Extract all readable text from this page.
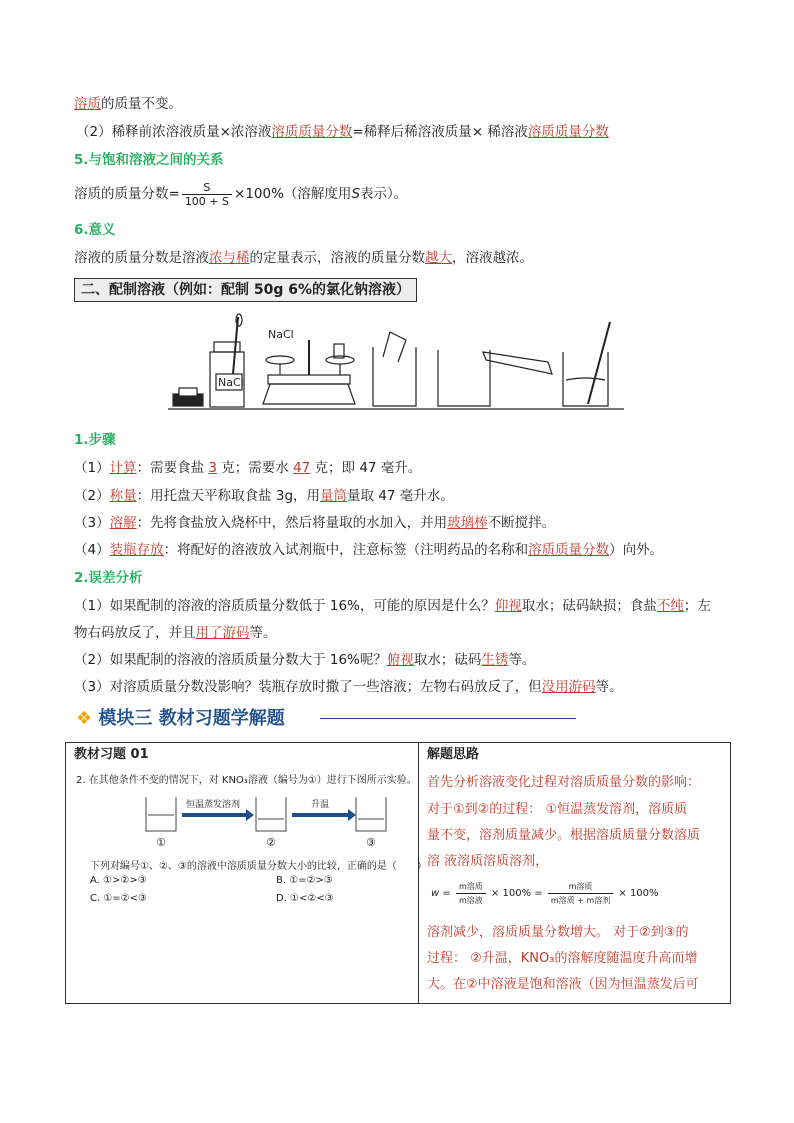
溶质的质量不变。
（2）稀释前浓溶液质量×浓溶液溶质质量分数=稀释后稀溶液质量× 稀溶液溶质质量分数
5.与饱和溶液之间的关系
溶质的质量分数= $\frac{S}{100 + S} \times 100\%$（溶解度用S表示）。
6.意义
溶液的质量分数是溶液浓与稀的定量表示，溶液的质量分数越大，溶液越浓。
二、配制溶液（例如：配制 50g 6%的氯化钠溶液）
NaCl
NaCl
1.步骤
（1）计算：需要食盐 3 克；需要水 47 克；即 47 毫升。
（2）称量：用托盘天平称取食盐 3g，用量筒量取 47 毫升水。
（3）溶解：先将食盐放入烧杯中，然后将量取的水加入，并用玻璃棒不断搅拌。
（4）装瓶存放：将配好的溶液放入试剂瓶中，注意标签（注明药品的名称和溶质质量分数）向外。
2.误差分析
（1）如果配制的溶液的溶质质量分数低于 16%，可能的原因是什么？仰视取水；砝码缺损；食盐不纯；左
物右码放反了，并且用了游码等。
（2）如果配制的溶液的溶质质量分数大于 16%呢？俯视取水；砝码生锈等。
（3）对溶质质量分数没影响？装瓶存放时撒了一些溶液；左物右码放反了，但没用游码等。
❖ 模块三 教材习题学解题
教材习题 01
2. 在其他条件不变的情况下，对 KNO₃溶液（编号为①）进行下图所示实验。
恒温蒸发溶剂	升温
①	②	③
下列对编号①、②、③的溶液中溶质质量分数大小的比较，正确的是（　　）
A. ①>②>③	B. ①=②>③
C. ①=②<③	D. ①<②<③

解题思路
首先分析溶液变化过程对溶质质量分数的影响：
对于①到②的过程： ①恒温蒸发溶剂，溶质质
量不变，溶剂质量减少。根据溶质质量分数溶质
溶 液溶质溶质溶剂，
$w = \frac{\text{m溶质}}{\text{m溶液}} \times 100\% = \frac{\text{m溶质}}{\text{m溶质 + m溶剂}} \times 100\%$
溶剂减少，溶质质量分数增大。 对于②到③的
过程： ②升温，KNO₃的溶解度随温度升高而增
大。在②中溶液是饱和溶液（因为恒温蒸发后可
